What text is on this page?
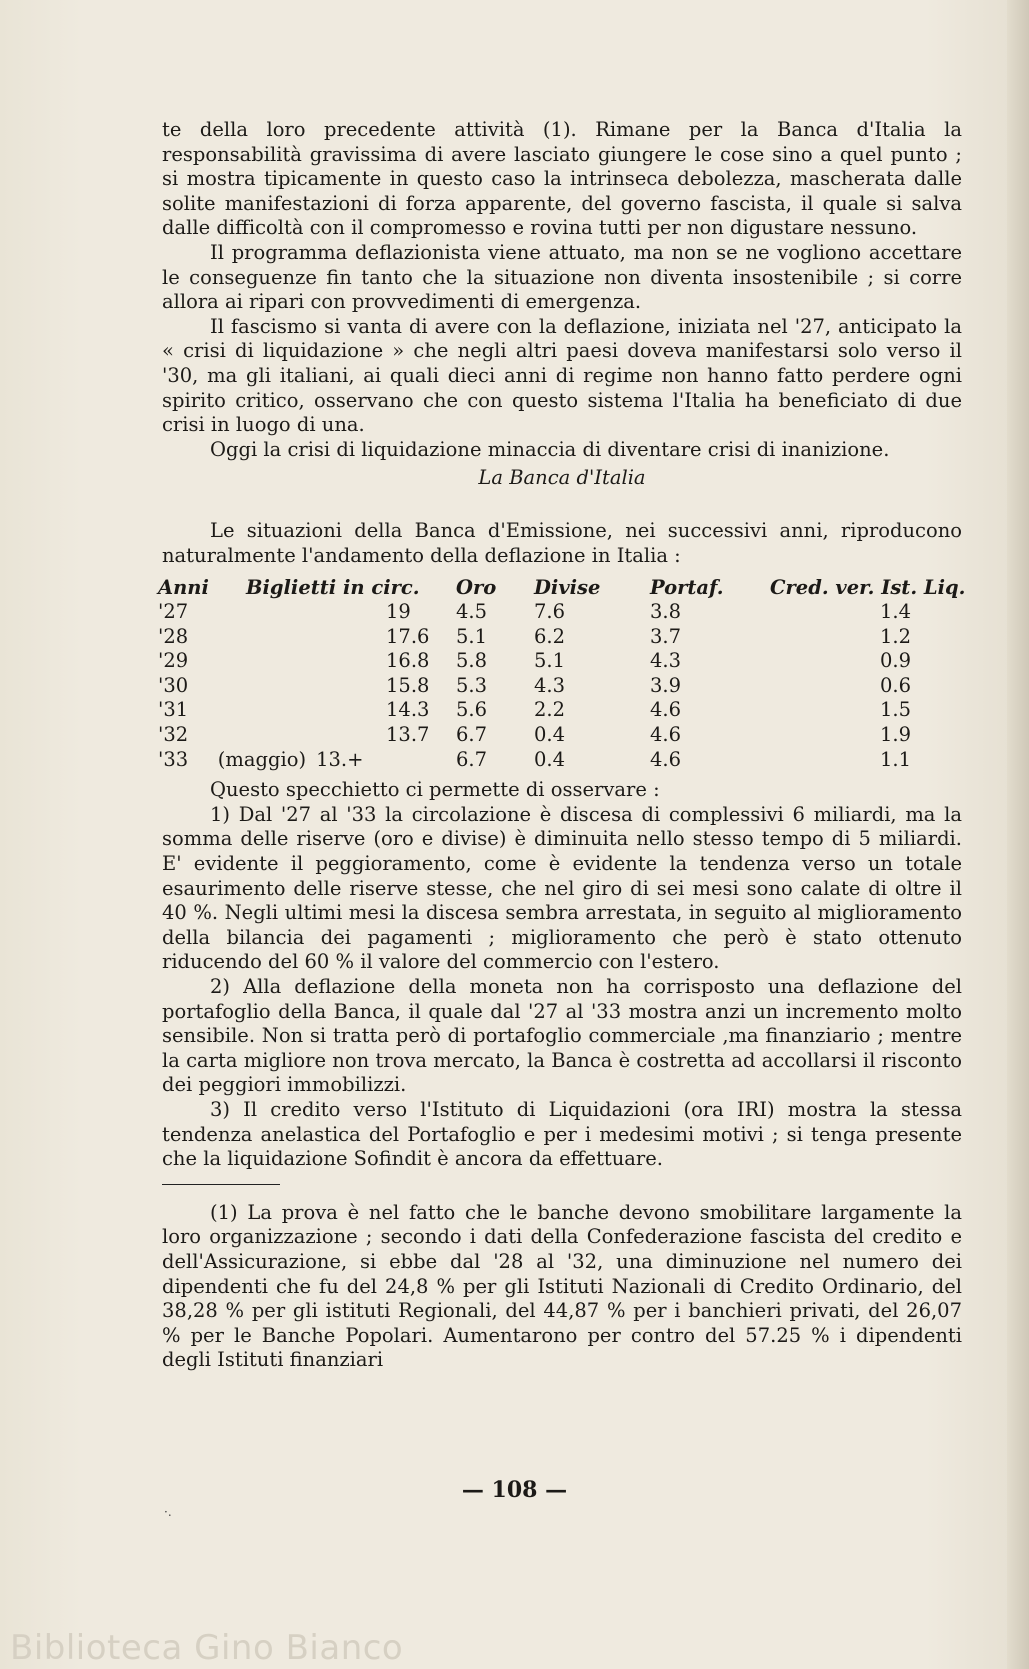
te della loro precedente attività (1). Rimane per la Banca d'Italia la responsabilità gravissima di avere lasciato giungere le cose sino a quel punto ; si mostra tipicamente in questo caso la intrinseca debolezza, mascherata dalle solite manifestazioni di forza apparente, del governo fascista, il quale si salva dalle difficoltà con il compromesso e rovina tutti per non digustare nessuno.

Il programma deflazionista viene attuato, ma non se ne vogliono accettare le conseguenze fin tanto che la situazione non diventa insostenibile ; si corre allora ai ripari con provvedimenti di emergenza.

Il fascismo si vanta di avere con la deflazione, iniziata nel '27, anticipato la « crisi di liquidazione » che negli altri paesi doveva manifestarsi solo verso il '30, ma gli italiani, ai quali dieci anni di regime non hanno fatto perdere ogni spirito critico, osservano che con questo sistema l'Italia ha beneficiato di due crisi in luogo di una.

Oggi la crisi di liquidazione minaccia di diventare crisi di inanizione.

La Banca d'Italia

Le situazioni della Banca d'Emissione, nei successivi anni, riproducono naturalmente l'andamento della deflazione in Italia :

Anni		Biglietti in circ.	Oro	Divise	Portaf.	Cred. ver. Ist. Liq.
'27		19	4.5	7.6	3.8	1.4
'28		17.6	5.1	6.2	3.7	1.2
'29		16.8	5.8	5.1	4.3	0.9
'30		15.8	5.3	4.3	3.9	0.6
'31		14.3	5.6	2.2	4.6	1.5
'32		13.7	6.7	0.4	4.6	1.9
'33	(maggio) 13.+		6.7	0.4	4.6	1.1

Questo specchietto ci permette di osservare :

1) Dal '27 al '33 la circolazione è discesa di complessivi 6 miliardi, ma la somma delle riserve (oro e divise) è diminuita nello stesso tempo di 5 miliardi. E' evidente il peggioramento, come è evidente la tendenza verso un totale esaurimento delle riserve stesse, che nel giro di sei mesi sono calate di oltre il 40 %. Negli ultimi mesi la discesa sembra arrestata, in seguito al miglioramento della bilancia dei pagamenti ; miglioramento che però è stato ottenuto riducendo del 60 % il valore del commercio con l'estero.

2) Alla deflazione della moneta non ha corrisposto una deflazione del portafoglio della Banca, il quale dal '27 al '33 mostra anzi un incremento molto sensibile. Non si tratta però di portafoglio commerciale ,ma finanziario ; mentre la carta migliore non trova mercato, la Banca è costretta ad accollarsi il risconto dei peggiori immobilizzi.

3) Il credito verso l'Istituto di Liquidazioni (ora IRI) mostra la stessa tendenza anelastica del Portafoglio e per i medesimi motivi ; si tenga presente che la liquidazione Sofindit è ancora da effettuare.

(1) La prova è nel fatto che le banche devono smobilitare largamente la loro organizzazione ; secondo i dati della Confederazione fascista del credito e dell'Assicurazione, si ebbe dal '28 al '32, una diminuzione nel numero dei dipendenti che fu del 24,8 % per gli Istituti Nazionali di Credito Ordinario, del 38,28 % per gli istituti Regionali, del 44,87 % per i banchieri privati, del 26,07 % per le Banche Popolari. Aumentarono per contro del 57.25 % i dipendenti degli Istituti finanziari

·.
— 108 —
Biblioteca Gino Bianco
